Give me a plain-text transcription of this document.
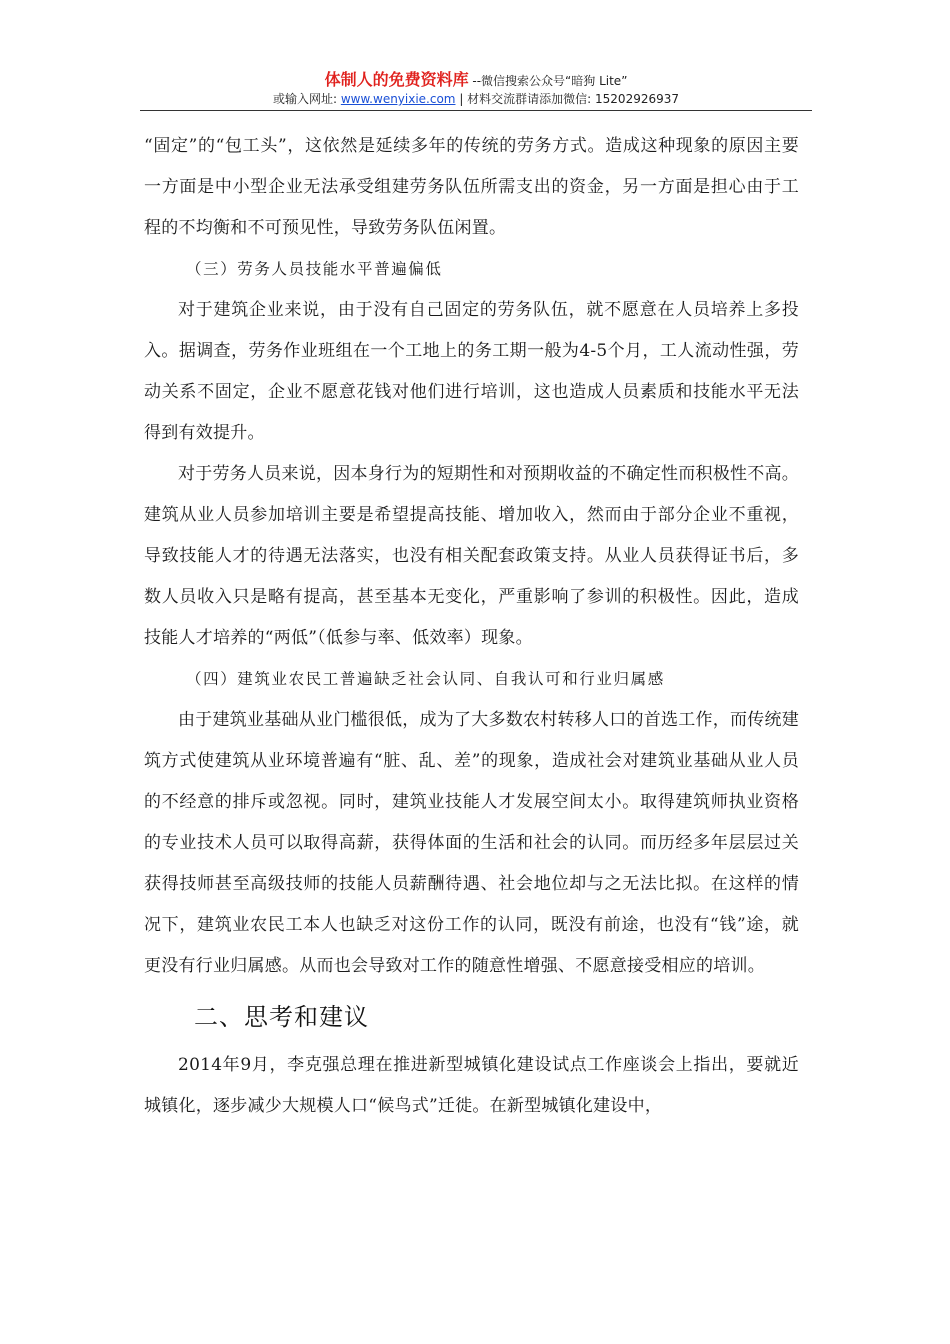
体制人的免费资料库 --微信搜索公众号“暗狗 Lite”
或输入网址: www.wenyixie.com | 材料交流群请添加微信: 15202926937

“固定”的“包工头”，这依然是延续多年的传统的劳务方式。造成这种现象的原因主要一方面是中小型企业无法承受组建劳务队伍所需支出的资金，另一方面是担心由于工程的不均衡和不可预见性，导致劳务队伍闲置。

（三）劳务人员技能水平普遍偏低

对于建筑企业来说，由于没有自己固定的劳务队伍，就不愿意在人员培养上多投入。据调查，劳务作业班组在一个工地上的务工期一般为4-5个月，工人流动性强，劳动关系不固定，企业不愿意花钱对他们进行培训，这也造成人员素质和技能水平无法得到有效提升。

对于劳务人员来说，因本身行为的短期性和对预期收益的不确定性而积极性不高。建筑从业人员参加培训主要是希望提高技能、增加收入，然而由于部分企业不重视，导致技能人才的待遇无法落实，也没有相关配套政策支持。从业人员获得证书后，多数人员收入只是略有提高，甚至基本无变化，严重影响了参训的积极性。因此，造成技能人才培养的“两低”（低参与率、低效率）现象。

（四）建筑业农民工普遍缺乏社会认同、自我认可和行业归属感

由于建筑业基础从业门槛很低，成为了大多数农村转移人口的首选工作，而传统建筑方式使建筑从业环境普遍有“脏、乱、差”的现象，造成社会对建筑业基础从业人员的不经意的排斥或忽视。同时，建筑业技能人才发展空间太小。取得建筑师执业资格的专业技术人员可以取得高薪，获得体面的生活和社会的认同。而历经多年层层过关获得技师甚至高级技师的技能人员薪酬待遇、社会地位却与之无法比拟。在这样的情况下，建筑业农民工本人也缺乏对这份工作的认同，既没有前途，也没有“钱”途，就更没有行业归属感。从而也会导致对工作的随意性增强、不愿意接受相应的培训。

二、思考和建议

2014年9月，李克强总理在推进新型城镇化建设试点工作座谈会上指出，要就近城镇化，逐步减少大规模人口“候鸟式”迁徙。在新型城镇化建设中，
